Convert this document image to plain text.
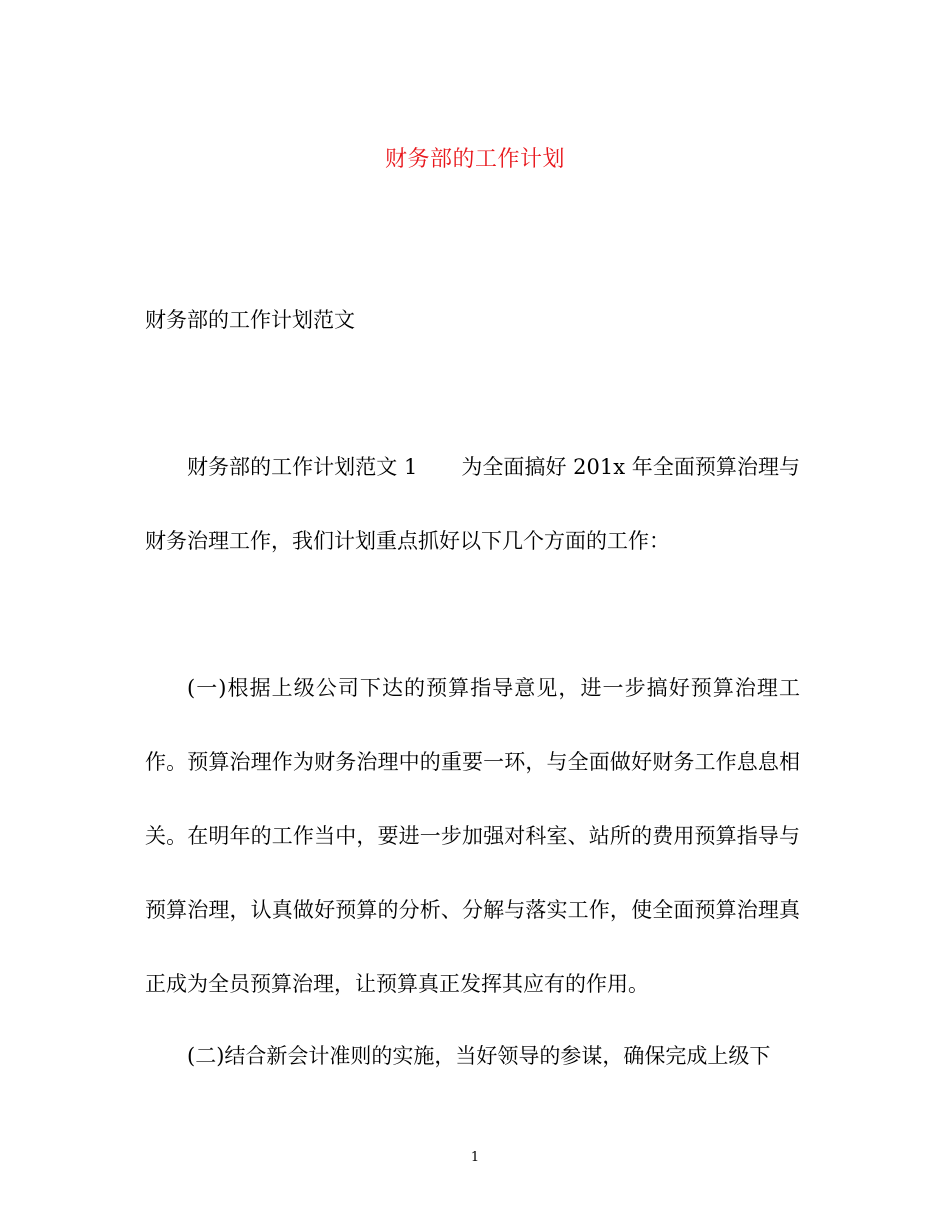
财务部的工作计划
财务部的工作计划范文

财务部的工作计划范文 1 为全面搞好 201x 年全面预算治理与财务治理工作，我们计划重点抓好以下几个方面的工作：

(一)根据上级公司下达的预算指导意见，进一步搞好预算治理工作。预算治理作为财务治理中的重要一环，与全面做好财务工作息息相关。在明年的工作当中，要进一步加强对科室、站所的费用预算指导与预算治理，认真做好预算的分析、分解与落实工作，使全面预算治理真正成为全员预算治理，让预算真正发挥其应有的作用。

(二)结合新会计准则的实施，当好领导的参谋，确保完成上级下

1
